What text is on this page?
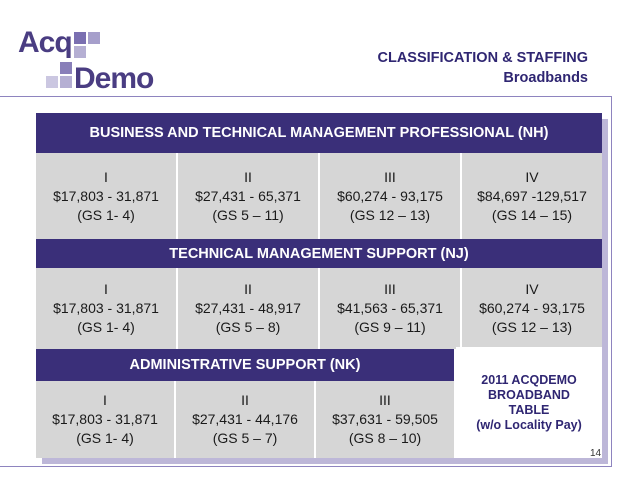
Acq
Demo
CLASSIFICATION & STAFFING
Broadbands
BUSINESS AND TECHNICAL MANAGEMENT PROFESSIONAL (NH)
I
$17,803 - 31,871
(GS 1- 4)
II
$27,431 - 65,371
(GS 5 – 11)
III
$60,274 - 93,175
(GS 12 – 13)
IV
$84,697 -129,517
(GS 14 – 15)
TECHNICAL MANAGEMENT SUPPORT (NJ)
I
$17,803 - 31,871
(GS 1- 4)
II
$27,431 - 48,917
(GS 5 – 8)
III
$41,563 - 65,371
(GS 9 – 11)
IV
$60,274 - 93,175
(GS 12 – 13)
ADMINISTRATIVE SUPPORT (NK)
I
$17,803 - 31,871
(GS 1- 4)
II
$27,431 - 44,176
(GS 5 – 7)
III
$37,631 - 59,505
(GS 8 – 10)
2011 ACQDEMO
BROADBAND
TABLE
(w/o Locality Pay)
14
